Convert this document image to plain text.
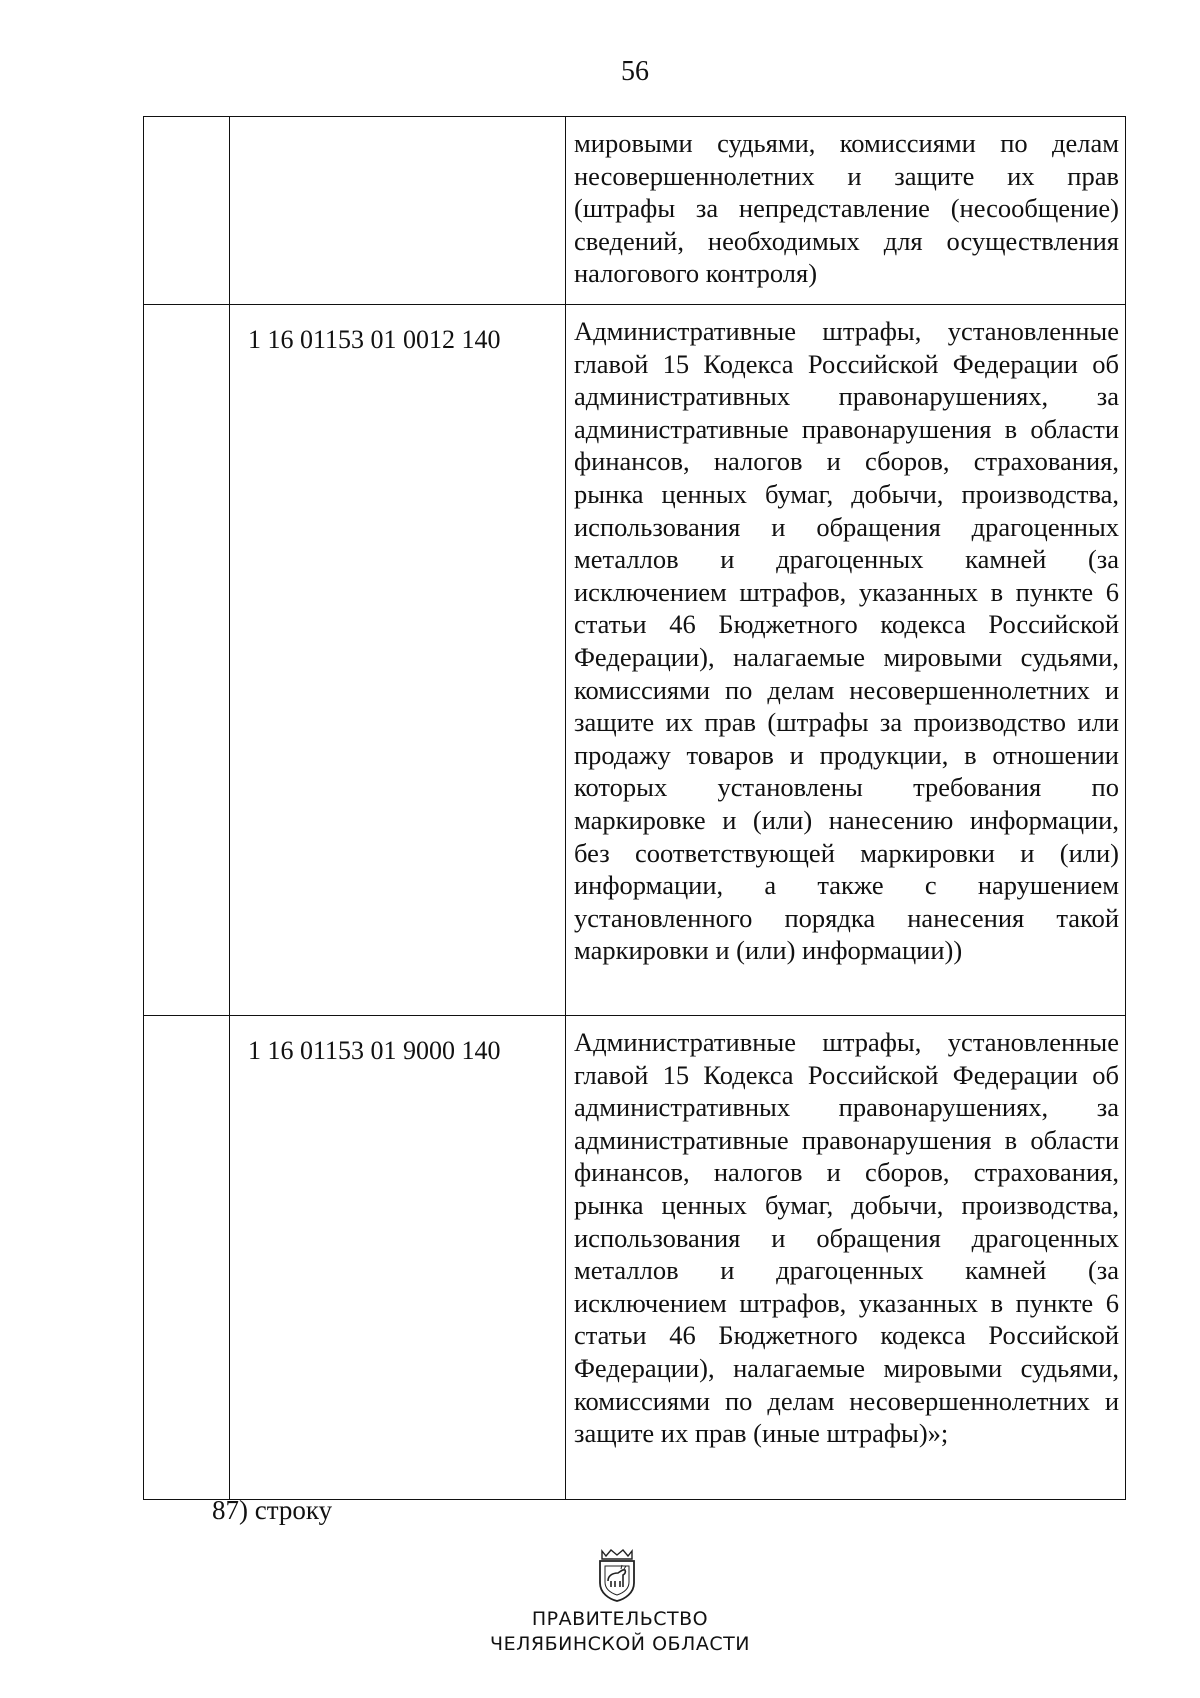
56
		мировыми судьями, комиссиями по делам несовершеннолетних и защите их прав (штрафы за непредставление (несообщение) сведений, необходимых для осуществления налогового контроля)
	1 16 01153 01 0012 140	Административные штрафы, установленные главой 15 Кодекса Российской Федерации об административных правонарушениях, за административные правонарушения в области финансов, налогов и сборов, страхования, рынка ценных бумаг, добычи, производства, использования и обращения драгоценных металлов и драгоценных камней (за исключением штрафов, указанных в пункте 6 статьи 46 Бюджетного кодекса Российской Федерации), налагаемые мировыми судьями, комиссиями по делам несовершеннолетних и защите их прав (штрафы за производство или продажу товаров и продукции, в отношении которых установлены требования по маркировке и (или) нанесению информации, без соответствующей маркировки и (или) информации, а также с нарушением установленного порядка нанесения такой маркировки и (или) информации))
	1 16 01153 01 9000 140	Административные штрафы, установленные главой 15 Кодекса Российской Федерации об административных правонарушениях, за административные правонарушения в области финансов, налогов и сборов, страхования, рынка ценных бумаг, добычи, производства, использования и обращения драгоценных металлов и драгоценных камней (за исключением штрафов, указанных в пункте 6 статьи 46 Бюджетного кодекса Российской Федерации), налагаемые мировыми судьями, комиссиями по делам несовершеннолетних и защите их прав (иные штрафы)»;
87) строку
ПРАВИТЕЛЬСТВО
ЧЕЛЯБИНСКОЙ ОБЛАСТИ
